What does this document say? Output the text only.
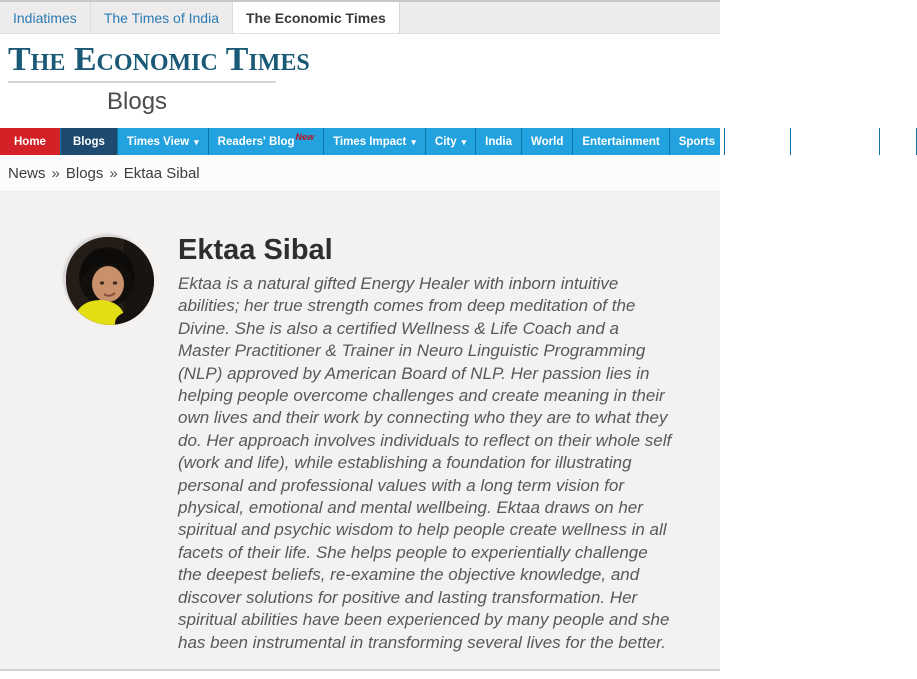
Indiatimes	The Times of India	The Economic Times
The Economic Times
Blogs
Home Blogs Times View ▾ Readers' Blog$^{New}$ Times Impact ▾ City ▾ India World Entertainment Sports Lifestyle Environment Spi
News » Blogs » Ektaa Sibal
Ektaa Sibal

Ektaa is a natural gifted Energy Healer with inborn intuitive abilities; her true strength comes from deep meditation of the Divine. She is also a certified Wellness & Life Coach and a Master Practitioner & Trainer in Neuro Linguistic Programming (NLP) approved by American Board of NLP. Her passion lies in helping people overcome challenges and create meaning in their own lives and their work by connecting who they are to what they do. Her approach involves individuals to reflect on their whole self (work and life), while establishing a foundation for illustrating personal and professional values with a long term vision for physical, emotional and mental wellbeing. Ektaa draws on her spiritual and psychic wisdom to help people create wellness in all facets of their life. She helps people to experientially challenge the deepest beliefs, re-examine the objective knowledge, and discover solutions for positive and lasting transformation. Her spiritual abilities have been experienced by many people and she has been instrumental in transforming several lives for the better.
